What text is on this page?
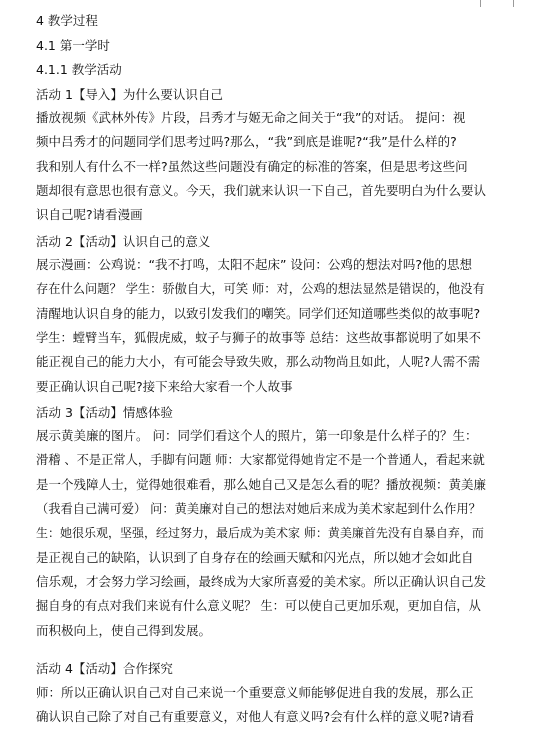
4 教学过程
4.1 第一学时
4.1.1 教学活动
活动 1【导入】为什么要认识自己
播放视频《武林外传》片段，吕秀才与姬无命之间关于“我”的对话。 提问：视
频中吕秀才的问题同学们思考过吗?那么，“我”到底是谁呢?“我”是什么样的?
我和别人有什么不一样?虽然这些问题没有确定的标准的答案，但是思考这些问
题却很有意思也很有意义。今天，我们就来认识一下自己，首先要明白为什么要认
识自己呢?请看漫画
活动 2【活动】认识自己的意义
展示漫画：公鸡说：“我不打鸣，太阳不起床” 设问：公鸡的想法对吗?他的思想
存在什么问题？ 学生：骄傲自大，可笑 师：对，公鸡的想法显然是错误的，他没有
清醒地认识自身的能力，以致引发我们的嘲笑。同学们还知道哪些类似的故事呢?
学生：螳臂当车，狐假虎威，蚊子与狮子的故事等 总结：这些故事都说明了如果不
能正视自己的能力大小，有可能会导致失败，那么动物尚且如此，人呢?人需不需
要正确认识自己呢?接下来给大家看一个人故事
活动 3【活动】情感体验
展示黄美廉的图片。 问：同学们看这个人的照片，第一印象是什么样子的？生：
滑稽 、不是正常人，手脚有问题 师：大家都觉得她肯定不是一个普通人，看起来就
是一个残障人士，觉得她很难看，那么她自己又是怎么看的呢？播放视频：黄美廉
（我看自己满可爱） 问：黄美廉对自己的想法对她后来成为美术家起到什么作用？
生：她很乐观，坚强，经过努力，最后成为美术家 师：黄美廉首先没有自暴自弃，而
是正视自己的缺陷，认识到了自身存在的绘画天赋和闪光点，所以她才会如此自
信乐观，才会努力学习绘画，最终成为大家所喜爱的美术家。所以正确认识自己发
掘自身的有点对我们来说有什么意义呢？ 生：可以使自己更加乐观，更加自信，从
而积极向上，使自己得到发展。
活动 4【活动】合作探究
师：所以正确认识自己对自己来说一个重要意义师能够促进自我的发展，那么正
确认识自己除了对自己有重要意义，对他人有意义吗?会有什么样的意义呢?请看
